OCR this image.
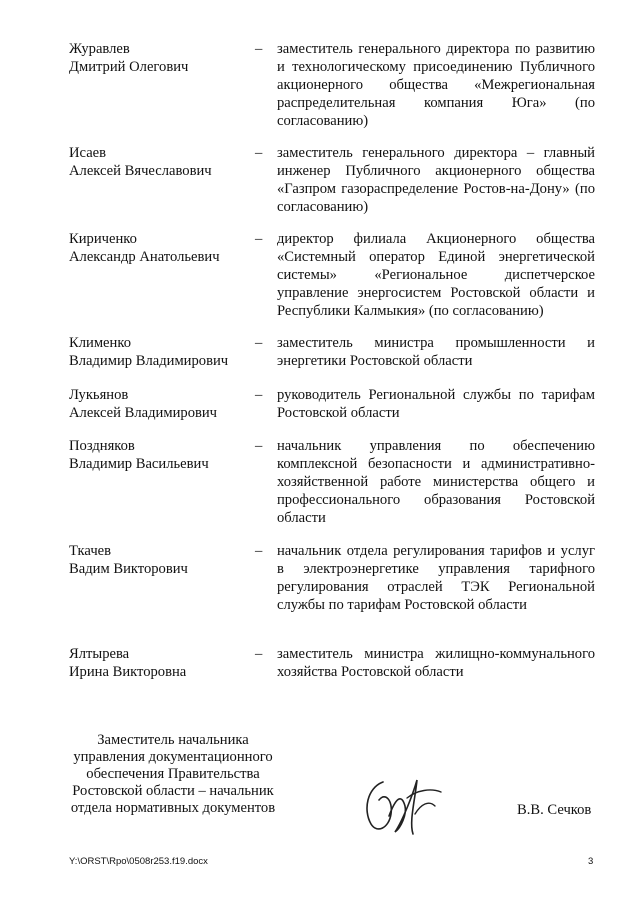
Журавлев
Дмитрий Олегович
– заместитель генерального директора по развитию и технологическому присоединению Публичного акционерного общества «Межрегиональная распределительная компания Юга» (по согласованию)
Исаев
Алексей Вячеславович
– заместитель генерального директора – главный инженер Публичного акционерного общества «Газпром газораспределение Ростов-на-Дону» (по согласованию)
Кириченко
Александр Анатольевич
– директор филиала Акционерного общества «Системный оператор Единой энергетической системы» «Региональное диспетчерское управление энергосистем Ростовской области и Республики Калмыкия» (по согласованию)
Клименко
Владимир Владимирович
– заместитель министра промышленности и энергетики Ростовской области
Лукьянов
Алексей Владимирович
– руководитель Региональной службы по тарифам Ростовской области
Поздняков
Владимир Васильевич
– начальник управления по обеспечению комплексной безопасности и административно-хозяйственной работе министерства общего и профессионального образования Ростовской области
Ткачев
Вадим Викторович
– начальник отдела регулирования тарифов и услуг в электроэнергетике управления тарифного регулирования отраслей ТЭК Региональной службы по тарифам Ростовской области
Ялтырева
Ирина Викторовна
– заместитель министра жилищно-коммунального хозяйства Ростовской области
Заместитель начальника
управления документационного
обеспечения Правительства
Ростовской области – начальник
отдела нормативных документов	В.В. Сечков
Y:\ORST\Rpo\0508r253.f19.docx	3
